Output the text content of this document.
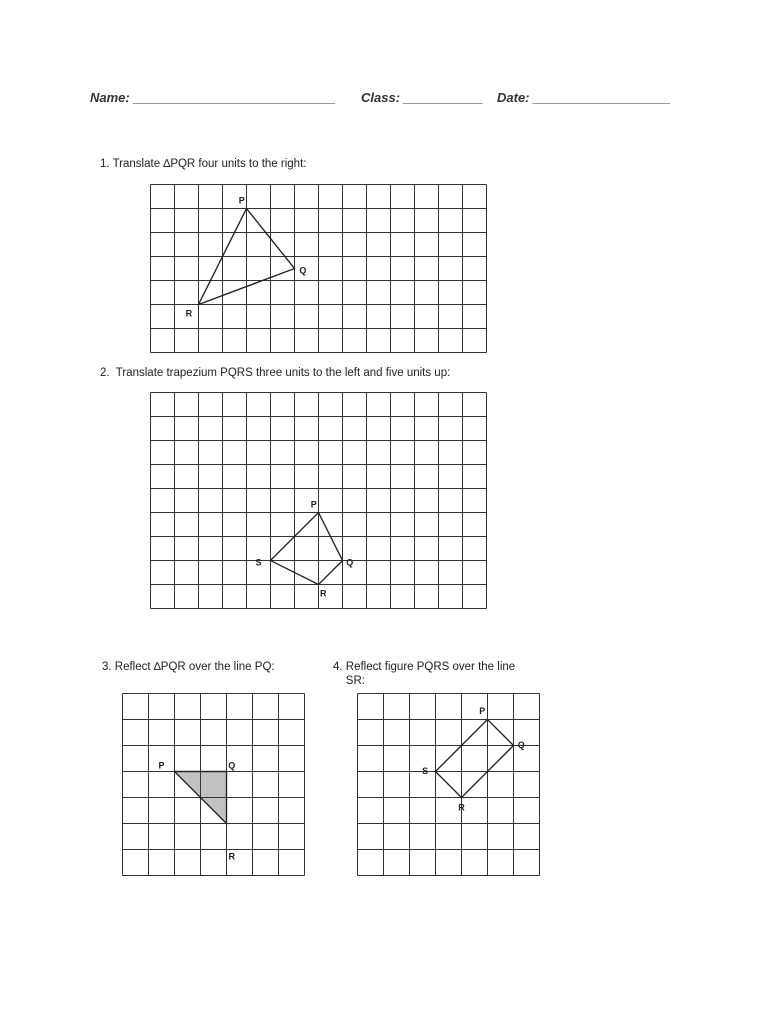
Name: ____________________________ Class: ___________ Date: ___________________
1. Translate ∆PQR four units to the right:
P
Q
R
2.  Translate trapezium PQRS three units to the left and five units up:
P
Q
R
S
3. Reflect ∆PQR over the line PQ:
P	Q
R
4. Reflect figure PQRS over the line
SR:
P
Q
R
S
